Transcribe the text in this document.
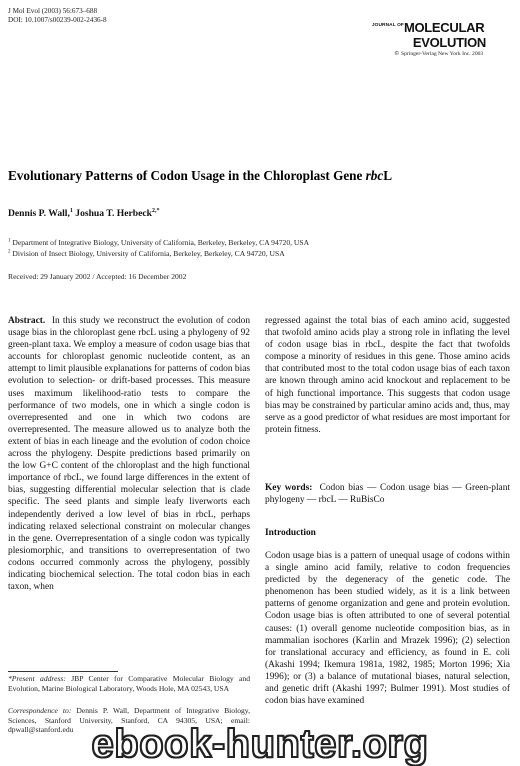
J Mol Evol (2003) 56:673–688
DOI: 10.1007/s00239-002-2436-8
$^{JOURNAL OF}$MOLECULAR
EVOLUTION
© Springer-Verlag New York Inc. 2003
Evolutionary Patterns of Codon Usage in the Chloroplast Gene rbcL
Dennis P. Wall,$^1$ Joshua T. Herbeck$^{2,*}$
$^1$ Department of Integrative Biology, University of California, Berkeley, Berkeley, CA 94720, USA
$^2$ Division of Insect Biology, University of California, Berkeley, Berkeley, CA 94720, USA
Received: 29 January 2002 / Accepted: 16 December 2002

Abstract. In this study we reconstruct the evolution of codon usage bias in the chloroplast gene rbcL using a phylogeny of 92 green-plant taxa. We employ a measure of codon usage bias that accounts for chloroplast genomic nucleotide content, as an attempt to limit plausible explanations for patterns of codon bias evolution to selection- or drift-based processes. This measure uses maximum likelihood-ratio tests to compare the performance of two models, one in which a single codon is overrepresented and one in which two codons are overrepresented. The measure allowed us to analyze both the extent of bias in each lineage and the evolution of codon choice across the phylogeny. Despite predictions based primarily on the low G+C content of the chloroplast and the high functional importance of rbcL, we found large differences in the extent of bias, suggesting differential molecular selection that is clade specific. The seed plants and simple leafy liverworts each independently derived a low level of bias in rbcL, perhaps indicating relaxed selectional constraint on molecular changes in the gene. Overrepresentation of a single codon was typically plesiomorphic, and transitions to overrepresentation of two codons occurred commonly across the phylogeny, possibly indicating biochemical selection. The total codon bias in each taxon, when

regressed against the total bias of each amino acid, suggested that twofold amino acids play a strong role in inflating the level of codon usage bias in rbcL, despite the fact that twofolds compose a minority of residues in this gene. Those amino acids that contributed most to the total codon usage bias of each taxon are known through amino acid knockout and replacement to be of high functional importance. This suggests that codon usage bias may be constrained by particular amino acids and, thus, may serve as a good predictor of what residues are most important for protein fitness.

Key words: Codon bias — Codon usage bias — Green-plant phylogeny — rbcL — RuBisCo
Introduction

Codon usage bias is a pattern of unequal usage of codons within a single amino acid family, relative to codon frequencies predicted by the degeneracy of the genetic code. The phenomenon has been studied widely, as it is a link between patterns of genome organization and gene and protein evolution. Codon usage bias is often attributed to one of several potential causes: (1) overall genome nucleotide composition bias, as in mammalian isochores (Karlin and Mrazek 1996); (2) selection for translational accuracy and efficiency, as found in E. coli (Akashi 1994; Ikemura 1981a, 1982, 1985; Morton 1996; Xia 1996); or (3) a balance of mutational biases, natural selection, and genetic drift (Akashi 1997; Bulmer 1991). Most studies of codon bias have examined

*Present address: JBP Center for Comparative Molecular Biology and Evolution, Marine Biological Laboratory, Woods Hole, MA 02543, USA
Correspondence to: Dennis P. Wall, Department of Integrative Biology, Sciences, Stanford University, Stanford, CA 94305, USA; email: dpwall@stanford.edu ebook-hunter.org
